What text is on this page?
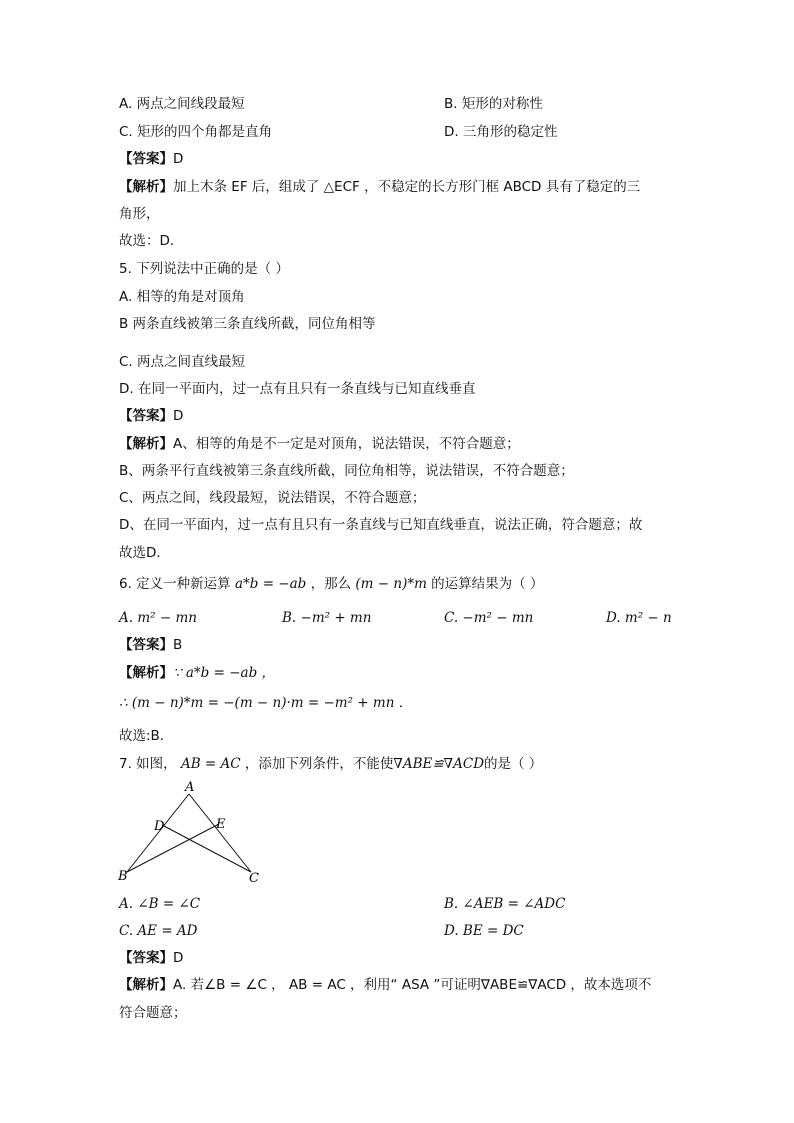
A. 两点之间线段最短	B. 矩形的对称性
C. 矩形的四个角都是直角	D. 三角形的稳定性
【答案】D
【解析】加上木条 EF 后，组成了 △ECF ，不稳定的长方形门框 ABCD 具有了稳定的三
角形，
故选：D．
5. 下列说法中正确的是（ ）
A. 相等的角是对顶角
B 两条直线被第三条直线所截，同位角相等
C. 两点之间直线最短
D. 在同一平面内，过一点有且只有一条直线与已知直线垂直
【答案】D
【解析】A、相等的角是不一定是对顶角，说法错误，不符合题意；
B、两条平行直线被第三条直线所截，同位角相等，说法错误，不符合题意；
C、两点之间，线段最短，说法错误，不符合题意；
D、在同一平面内，过一点有且只有一条直线与已知直线垂直，说法正确，符合题意；故
故选D．
6. 定义一种新运算 a*b = −ab ，那么 (m − n)*m 的运算结果为（ ）
A. m² − mn	B. −m² + mn	C. −m² − mn	D. m² − n
【答案】B
【解析】∵ a*b = −ab ，
∴ (m − n)*m = −(m − n)·m = −m² + mn ．
故选:B.
7. 如图， AB = AC ，添加下列条件，不能使∇ABE≌∇ACD的是（ ）
A
D	E
B	C
A. ∠B = ∠C	B. ∠AEB = ∠ADC
C. AE = AD	D. BE = DC
【答案】D
【解析】A. 若∠B = ∠C ， AB = AC ，利用“ ASA ”可证明∇ABE≌∇ACD ，故本选项不
符合题意；
